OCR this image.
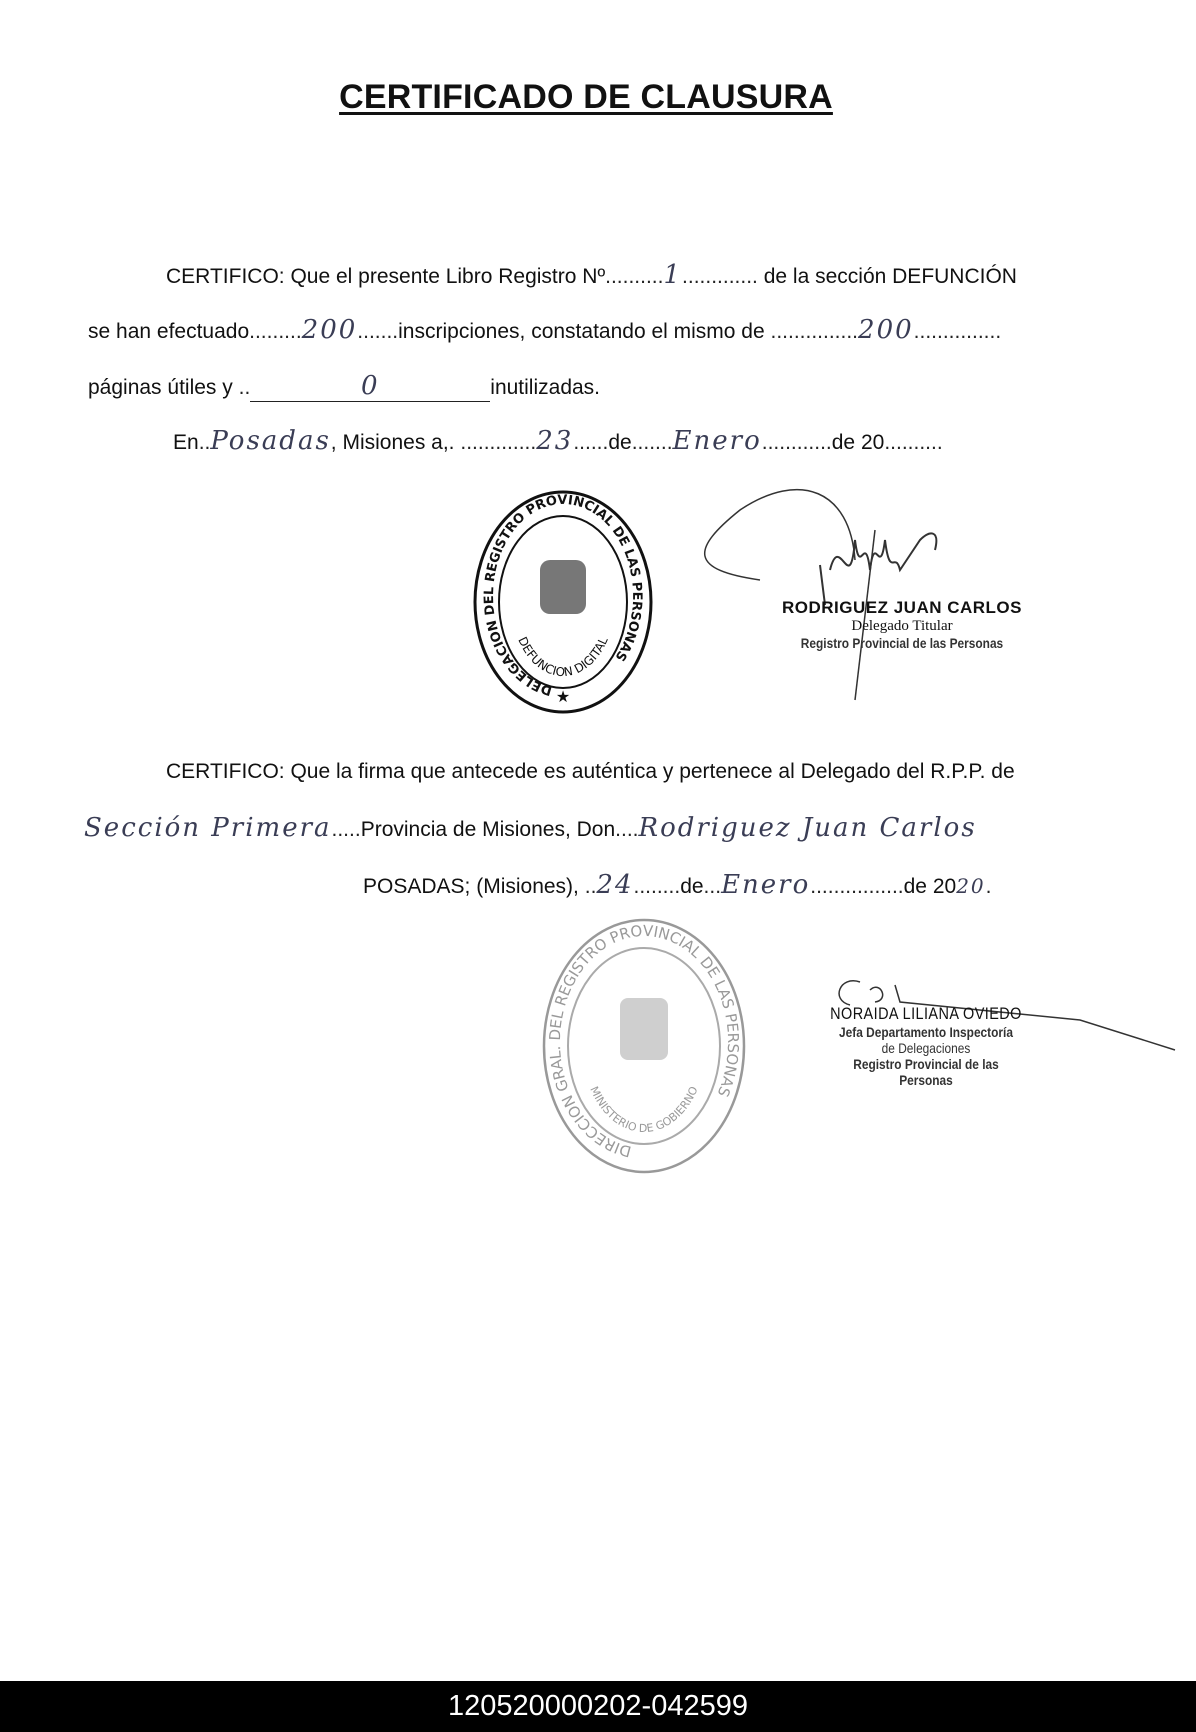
CERTIFICADO DE CLAUSURA
CERTIFICO: Que el presente Libro Registro Nº..........1............. de la sección DEFUNCIÓN
se han efectuado.........200.......inscripciones, constatando el mismo de ...............200...............
páginas útiles y ..	0	inutilizadas.
En..Posadas, Misiones a,. .............23......de.......Enero............de 20..........
DELEGACION DEL REGISTRO PROVINCIAL DE LAS PERSONAS
★
DEFUNCION DIGITAL
RODRIGUEZ JUAN CARLOS
Delegado Titular
Registro Provincial de las Personas
CERTIFICO: Que la firma que antecede es auténtica y pertenece al Delegado del R.P.P. de
Sección Primera.....Provincia de Misiones, Don....Rodriguez Juan Carlos
POSADAS; (Misiones), ..24........de...Enero................de 2020.
DIRECCION GRAL. DEL REGISTRO PROVINCIAL DE LAS PERSONAS
MINISTERIO DE GOBIERNO
NORAIDA LILIANA OVIEDO
Jefa Departamento Inspectoría
de Delegaciones
Registro Provincial de las Personas
120520000202-042599
